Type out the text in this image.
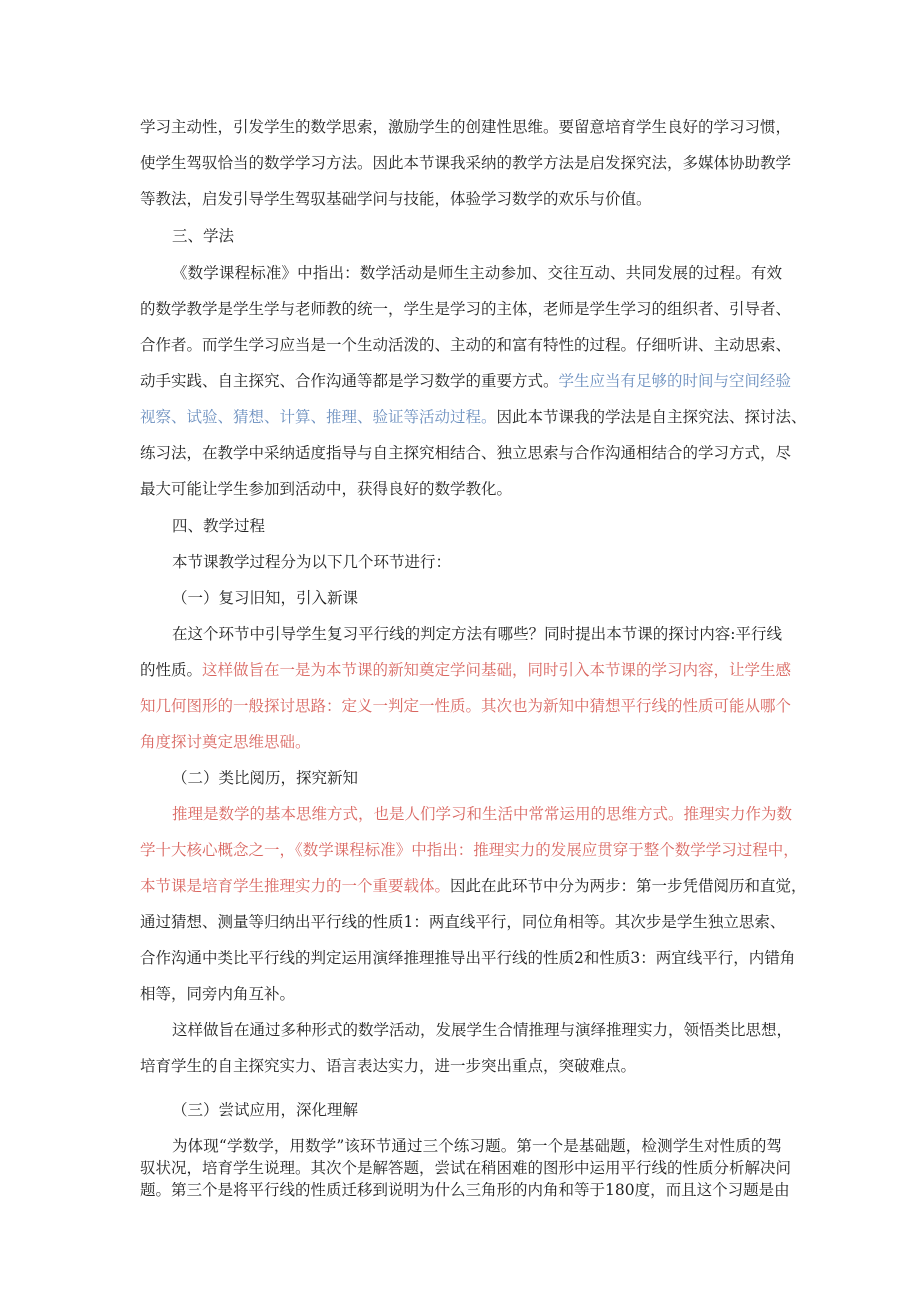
学习主动性，引发学生的数学思索，激励学生的创建性思维。要留意培育学生良好的学习习惯，
使学生驾驭恰当的数学学习方法。因此本节课我采纳的教学方法是启发探究法，多媒体协助教学
等教法，启发引导学生驾驭基础学问与技能，体验学习数学的欢乐与价值。
三、学法
《数学课程标准》中指出：数学活动是师生主动参加、交往互动、共同发展的过程。有效
的数学教学是学生学与老师教的统一，学生是学习的主体，老师是学生学习的组织者、引导者、
合作者。而学生学习应当是一个生动活泼的、主动的和富有特性的过程。仔细听讲、主动思索、
动手实践、自主探究、合作沟通等都是学习数学的重要方式。 学生应当有足够的时间与空间经验
视察、试验、猜想、计算、推理、验证等活动过程。 因此本节课我的学法是自主探究法、探讨法、
练习法，在教学中采纳适度指导与自主探究相结合、独立思索与合作沟通相结合的学习方式，尽
最大可能让学生参加到活动中，获得良好的数学教化。
四、教学过程
本节课教学过程分为以下几个环节进行：
（一）复习旧知，引入新课
在这个环节中引导学生复习平行线的判定方法有哪些？同时提出本节课的探讨内容:平行线
的性质。 这样做旨在一是为本节课的新知奠定学问基础，同时引入本节课的学习内容，让学生感
知几何图形的一般探讨思路：定义一判定一性质。其次也为新知中猜想平行线的性质可能从哪个
角度探讨奠定思维思础。
（二）类比阅历，探究新知
推理是数学的基本思维方式，也是人们学习和生活中常常运用的思维方式。推理实力作为数
学十大核心概念之一，《数学课程标准》中指出：推理实力的发展应贯穿于整个数学学习过程中，
本节课是培育学生推理实力的一个重要载体。 因此在此环节中分为两步：第一步凭借阅历和直觉，
通过猜想、测量等归纳出平行线的性质1：两直线平行，同位角相等。其次步是学生独立思索、
合作沟通中类比平行线的判定运用演绎推理推导出平行线的性质2和性质3：两宜线平行，内错角
相等，同旁内角互补。
这样做旨在通过多种形式的数学活动，发展学生合情推理与演绎推理实力，领悟类比思想，
培育学生的自主探究实力、语言表达实力，进一步突出重点，突破难点。
（三）尝试应用，深化理解
为体现“学数学，用数学”该环节通过三个练习题。第一个是基础题，检测学生对性质的驾
驭状况，培育学生说理。其次个是解答题，尝试在稍困难的图形中运用平行线的性质分析解决问
题。第三个是将平行线的性质迁移到说明为什么三角形的内角和等于180度，而且这个习题是由
